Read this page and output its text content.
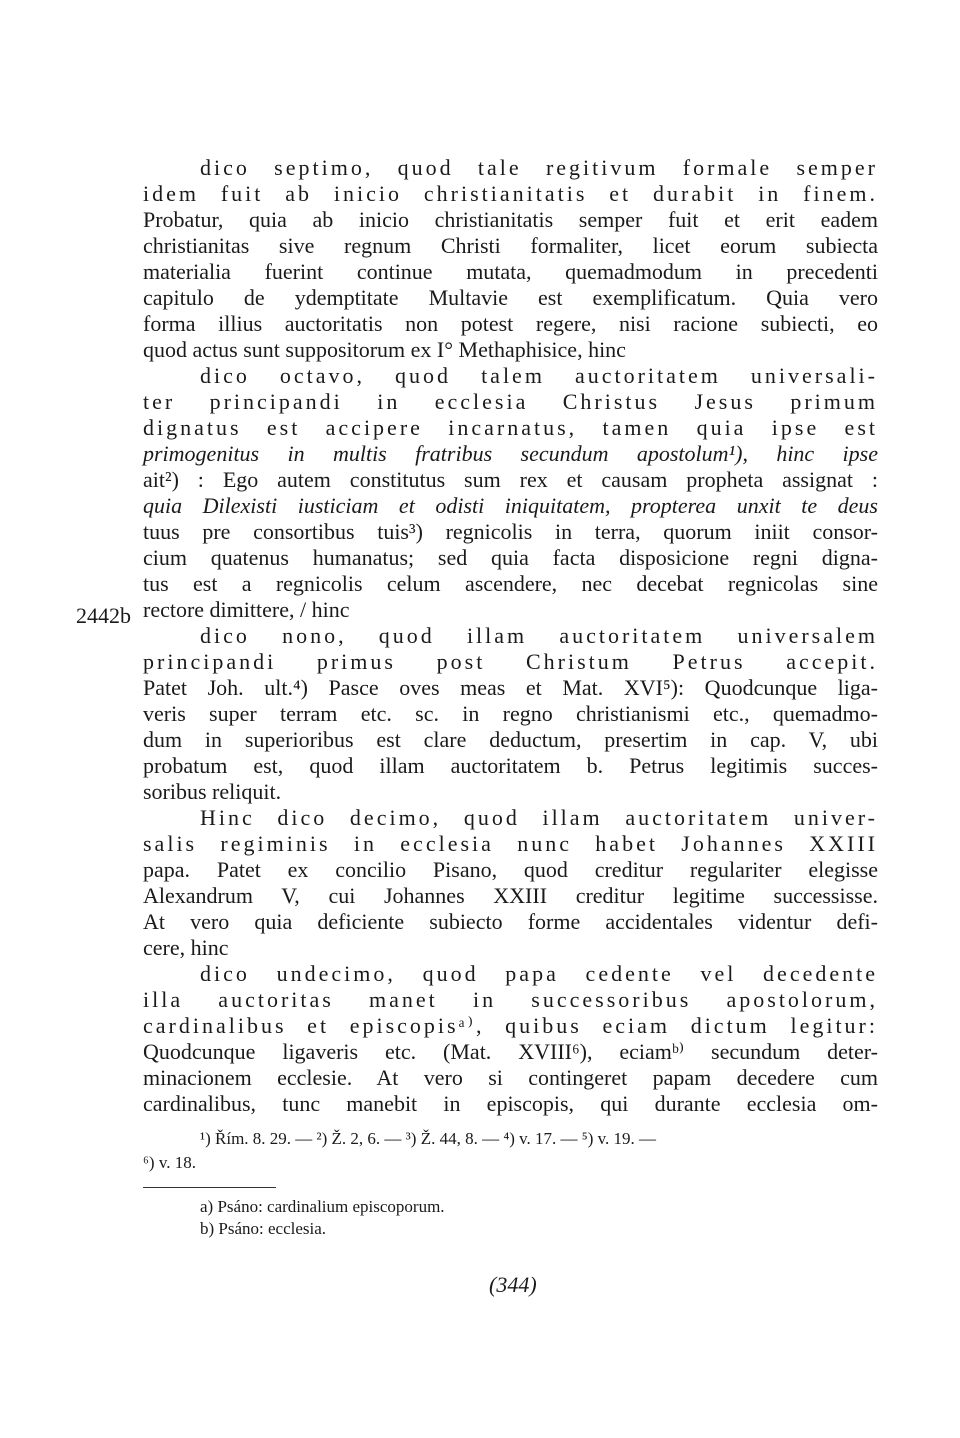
dico septimo, quod tale regitivum formale semper
idem fuit ab inicio christianitatis et durabit in finem.
Probatur, quia ab inicio christianitatis semper fuit et erit eadem
christianitas sive regnum Christi formaliter, licet eorum subiecta
materialia fuerint continue mutata, quemadmodum in precedenti
capitulo de ydemptitate Multavie est exemplificatum. Quia vero
forma illius auctoritatis non potest regere, nisi racione subiecti, eo
quod actus sunt suppositorum ex I° Methaphisice, hinc
dico octavo, quod talem auctoritatem universali-
ter principandi in ecclesia Christus Jesus primum
dignatus est accipere incarnatus, tamen quia ipse est
primogenitus in multis fratribus secundum apostolum¹), hinc ipse
ait²) : Ego autem constitutus sum rex et causam propheta assignat :
quia Dilexisti iusticiam et odisti iniquitatem, propterea unxit te deus
tuus pre consortibus tuis³) regnicolis in terra, quorum iniit consor-
cium quatenus humanatus; sed quia facta disposicione regni digna-
tus est a regnicolis celum ascendere, nec decebat regnicolas sine
2442b rectore dimittere, / hinc
dico nono, quod illam auctoritatem universalem
principandi primus post Christum Petrus accepit.
Patet Joh. ult.⁴) Pasce oves meas et Mat. XVI⁵): Quodcunque liga-
veris super terram etc. sc. in regno christianismi etc., quemadmo-
dum in superioribus est clare deductum, presertim in cap. V, ubi
probatum est, quod illam auctoritatem b. Petrus legitimis succes-
soribus reliquit.
Hinc dico decimo, quod illam auctoritatem univer-
salis regiminis in ecclesia nunc habet Johannes XXIII
papa. Patet ex concilio Pisano, quod creditur regulariter elegisse
Alexandrum V, cui Johannes XXIII creditur legitime successisse.
At vero quia deficiente subiecto forme accidentales videntur defi-
cere, hinc
dico undecimo, quod papa cedente vel decedente
illa auctoritas manet in successoribus apostolorum,
cardinalibus et episcopisᵃ⁾, quibus eciam dictum legitur:
Quodcunque ligaveris etc. (Mat. XVIII⁶), eciamᵇ⁾ secundum deter-
minacionem ecclesie. At vero si contingeret papam decedere cum
cardinalibus, tunc manebit in episcopis, qui durante ecclesia om-
¹) Řím. 8. 29. — ²) Ž. 2, 6. — ³) Ž. 44, 8. — ⁴) v. 17. — ⁵) v. 19. —
⁶) v. 18.
a) Psáno: cardinalium episcoporum.
b) Psáno: ecclesia.
(344)
